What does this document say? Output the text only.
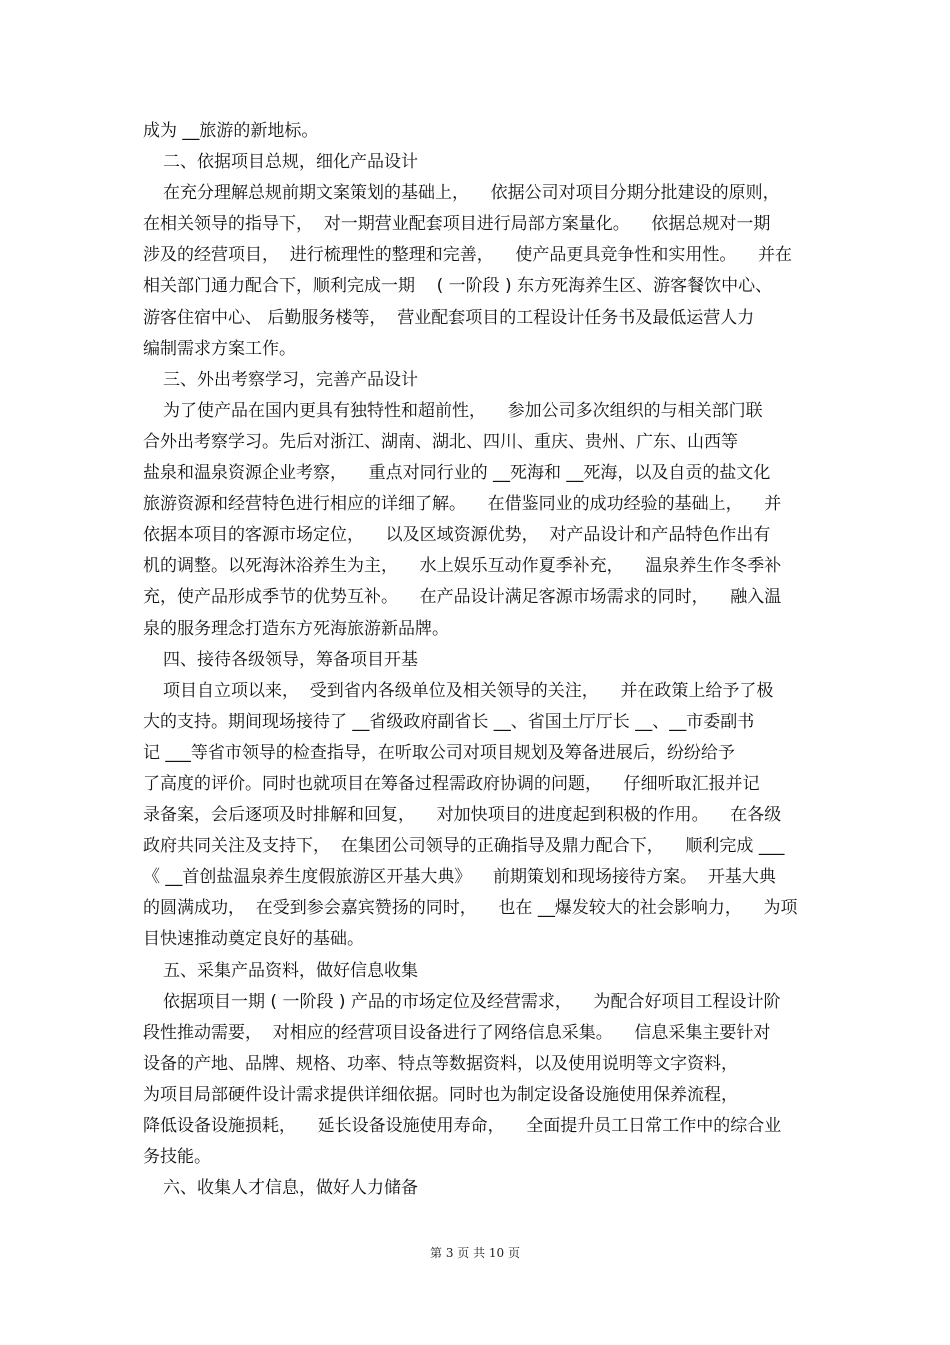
成为 __旅游的新地标。
二、依据项目总规，细化产品设计
在充分理解总规前期文案策划的基础上，    依据公司对项目分期分批建设的原则，
在相关领导的指导下，  对一期营业配套项目进行局部方案量化。    依据总规对一期
涉及的经营项目，  进行梳理性的整理和完善，    使产品更具竞争性和实用性。    并在
相关部门通力配合下，顺利完成一期    ( 一阶段 ) 东方死海养生区、游客餐饮中心、
游客住宿中心、 后勤服务楼等，  营业配套项目的工程设计任务书及最低运营人力
编制需求方案工作。
三、外出考察学习，完善产品设计
为了使产品在国内更具有独特性和超前性，    参加公司多次组织的与相关部门联
合外出考察学习。先后对浙江、湖南、湖北、四川、重庆、贵州、广东、山西等
盐泉和温泉资源企业考察，    重点对同行业的 __死海和 __死海，以及自贡的盐文化
旅游资源和经营特色进行相应的详细了解。    在借鉴同业的成功经验的基础上，    并
依据本项目的客源市场定位，    以及区域资源优势，  对产品设计和产品特色作出有
机的调整。以死海沐浴养生为主，    水上娱乐互动作夏季补充，    温泉养生作冬季补
充，使产品形成季节的优势互补。    在产品设计满足客源市场需求的同时，    融入温
泉的服务理念打造东方死海旅游新品牌。
四、接待各级领导，筹备项目开基
项目自立项以来，  受到省内各级单位及相关领导的关注，    并在政策上给予了极
大的支持。期间现场接待了 __省级政府副省长 __、省国土厅厅长 __、__市委副书
记 ___等省市领导的检查指导，在听取公司对项目规划及筹备进展后，纷纷给予
了高度的评价。同时也就项目在筹备过程需政府协调的问题，    仔细听取汇报并记
录备案，会后逐项及时排解和回复，    对加快项目的进度起到积极的作用。    在各级
政府共同关注及支持下，  在集团公司领导的正确指导及鼎力配合下，    顺利完成 ___
《 __首创盐温泉养生度假旅游区开基大典》    前期策划和现场接待方案。  开基大典
的圆满成功，  在受到参会嘉宾赞扬的同时，    也在 __爆发较大的社会影响力，    为项
目快速推动奠定良好的基础。
五、采集产品资料，做好信息收集
依据项目一期 ( 一阶段 ) 产品的市场定位及经营需求，    为配合好项目工程设计阶
段性推动需要，  对相应的经营项目设备进行了网络信息采集。    信息采集主要针对
设备的产地、品牌、规格、功率、特点等数据资料，以及使用说明等文字资料，
为项目局部硬件设计需求提供详细依据。同时也为制定设备设施使用保养流程，
降低设备设施损耗，    延长设备设施使用寿命，    全面提升员工日常工作中的综合业
务技能。
六、收集人才信息，做好人力储备
第 3 页 共 10 页
